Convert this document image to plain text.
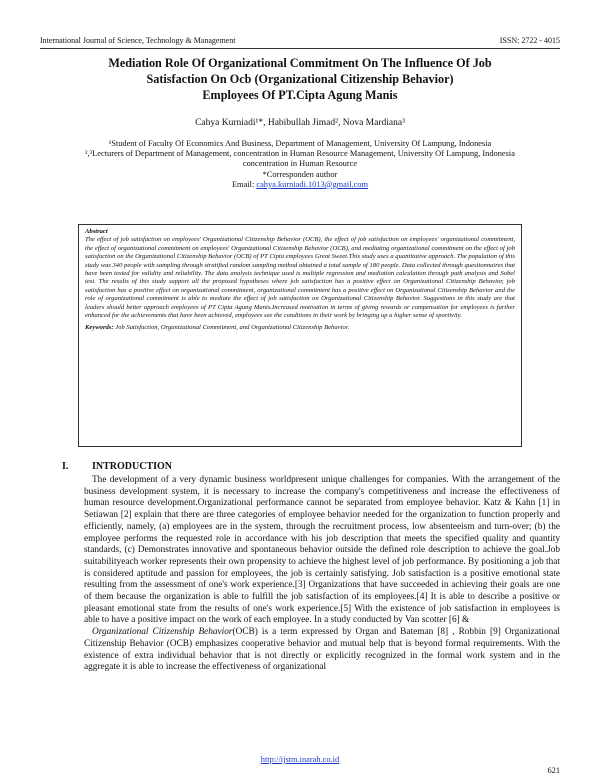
International Journal of Science, Technology & Management	ISSN: 2722 - 4015
Mediation Role Of Organizational Commitment On The Influence Of Job
Satisfaction On Ocb (Organizational Citizenship Behavior)
Employees Of PT.Cipta Agung Manis
Cahya Kurniadi¹*, Habibullah Jimad², Nova Mardiana³
¹Student of Faculty Of Economics And Business, Department of Management, University Of Lampung, Indonesia
²,³Lecturers of Department of Management, concentration in Human Resource Management, University Of Lampung, Indonesia
concentration in Human Resource
*Corresponden author
Email: cahya.kurniadi.1013@gmail.com
Abstract
The effect of job satisfaction on employees' Organizational Citizenship Behavior (OCB), the effect of job satisfaction on employees' organizational commitment, the effect of organizational commitment on employees' Organizational Citizenship Behavior (OCB), and mediating organizational commitment on the effect of job satisfaction on the Organizational Citizenship Behavior (OCB) of PT Cipta employees Great Sweet.This study uses a quantitative approach. The population of this study was 340 people with sampling through stratified random sampling method obtained a total sample of 180 people. Data collected through questionnaires that have been tested for validity and reliability. The data analysis technique used is multiple regression and mediation calculation through path analysis and Sobel test. The results of this study support all the proposed hypotheses where job satisfaction has a positive effect on Organizational Citizenship Behavior, job satisfaction has a positive effect on organizational commitment, organizational commitment has a positive effect on Organizational Citizenship Behavior and the role of organizational commitment is able to mediate the effect of job satisfaction on Organizational Citizenship Behavior. Suggestions in this study are that leaders should better approach employees of PT Cipta Agung Manis.Increased motivation in terms of giving rewards or compensation for employees is further enhanced for the achievements that have been achieved, employees see the conditions in their work by bringing up a higher sense of sportivity.
Keywords: Job Satisfaction, Organizational Commitment, and Organizational Citizenship Behavior.
I. INTRODUCTION

The development of a very dynamic business worldpresent unique challenges for companies. With the arrangement of the business development system, it is necessary to increase the company's competitiveness and increase the effectiveness of human resource development.Organizational performance cannot be separated from employee behavior. Katz & Kahn [1] in Setiawan [2] explain that there are three categories of employee behavior needed for the organization to function properly and efficiently, namely, (a) employees are in the system, through the recruitment process, low absenteeism and turn-over; (b) the employee performs the requested role in accordance with his job description that meets the specified quality and quantity standards, (c) Demonstrates innovative and spontaneous behavior outside the defined role description to achieve the goal.Job suitabilityeach worker represents their own propensity to achieve the highest level of job performance. By positioning a job that is considered aptitude and passion for employees, the job is certainly satisfying. Job satisfaction is a positive emotional state resulting from the assessment of one's work experience.[3] Organizations that have succeeded in achieving their goals are one of them because the organization is able to fulfill the job satisfaction of its employees.[4] It is able to describe a positive or pleasant emotional state from the results of one's work experience.[5] With the existence of job satisfaction in employees is able to have a positive impact on the work of each employee. In a study conducted by Van scotter [6] &

Organizational Citizenship Behavior(OCB) is a term expressed by Organ and Bateman [8] , Robbin [9] Organizational Citizenship Behavior (OCB) emphasizes cooperative behavior and mutual help that is beyond formal requirements. With the existence of extra individual behavior that is not directly or explicitly recognized in the formal work system and in the aggregate it is able to increase the effectiveness of organizational

http://ijstm.inarah.co.id
621
